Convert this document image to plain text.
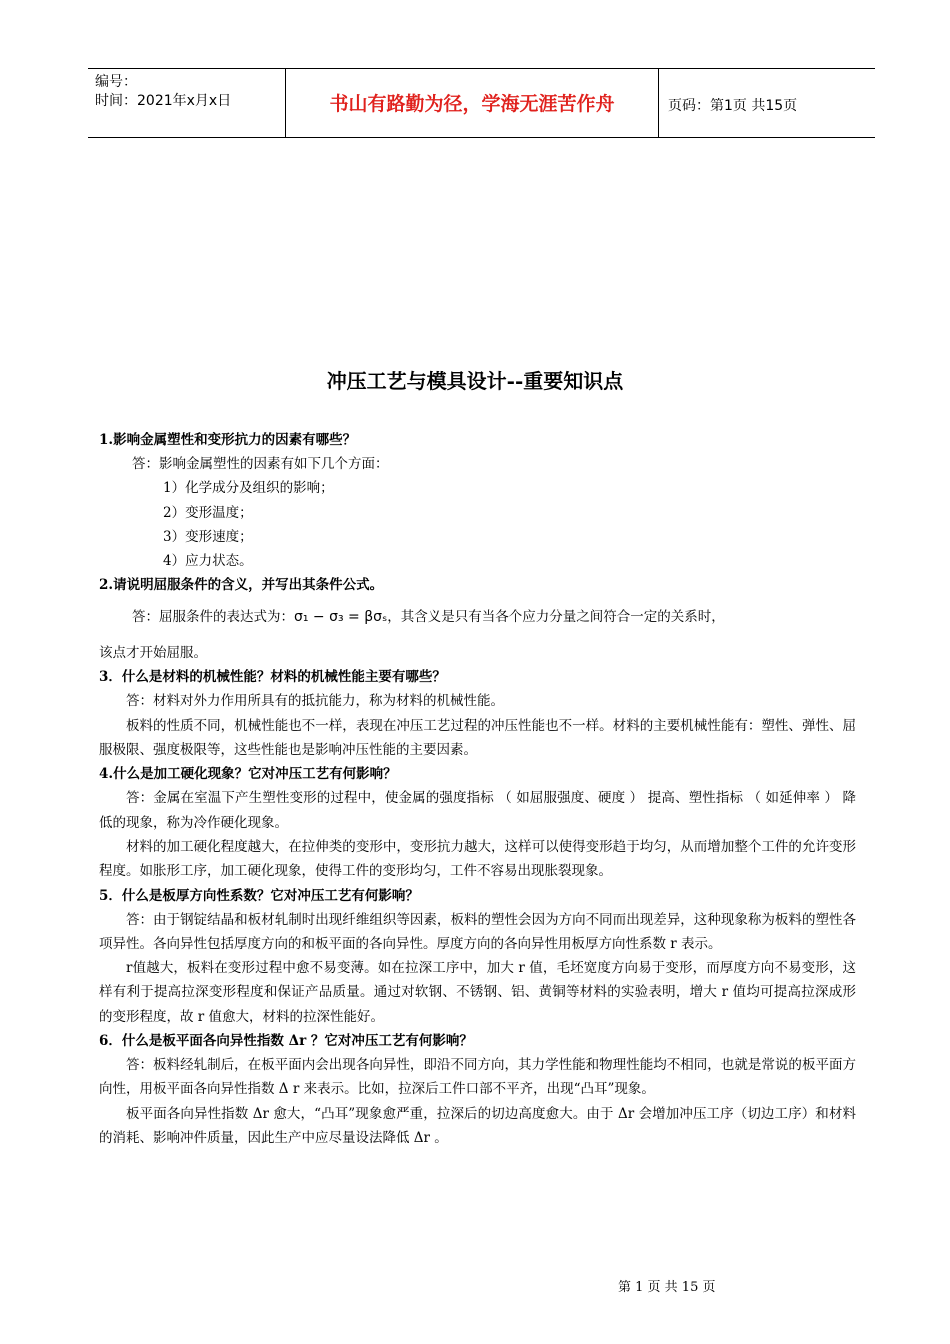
编号：
时间：2021年x月x日	书山有路勤为径，学海无涯苦作舟	页码：第1页 共15页
冲压工艺与模具设计--重要知识点
1.影响金属塑性和变形抗力的因素有哪些？
答：影响金属塑性的因素有如下几个方面：
1）化学成分及组织的影响；
2）变形温度；
3）变形速度；
4）应力状态。
2.请说明屈服条件的含义，并写出其条件公式。
答：屈服条件的表达式为：σ₁ − σ₃ = βσₛ，其含义是只有当各个应力分量之间符合一定的关系时，
该点才开始屈服。
3．什么是材料的机械性能？材料的机械性能主要有哪些？
答：材料对外力作用所具有的抵抗能力，称为材料的机械性能。
板料的性质不同，机械性能也不一样，表现在冲压工艺过程的冲压性能也不一样。材料的主要机械性能有：塑性、弹性、屈服极限、强度极限等，这些性能也是影响冲压性能的主要因素。
4.什么是加工硬化现象？它对冲压工艺有何影响？
答：金属在室温下产生塑性变形的过程中，使金属的强度指标 （ 如屈服强度、硬度 ） 提高、塑性指标 （ 如延伸率 ） 降低的现象，称为冷作硬化现象。
材料的加工硬化程度越大，在拉伸类的变形中，变形抗力越大，这样可以使得变形趋于均匀，从而增加整个工件的允许变形程度。如胀形工序，加工硬化现象，使得工件的变形均匀，工件不容易出现胀裂现象。
5．什么是板厚方向性系数？它对冲压工艺有何影响？
答：由于钢锭结晶和板材轧制时出现纤维组织等因素，板料的塑性会因为方向不同而出现差异，这种现象称为板料的塑性各项异性。各向异性包括厚度方向的和板平面的各向异性。厚度方向的各向异性用板厚方向性系数 r 表示。
r值越大，板料在变形过程中愈不易变薄。如在拉深工序中，加大 r 值，毛坯宽度方向易于变形，而厚度方向不易变形，这样有利于提高拉深变形程度和保证产品质量。通过对软钢、不锈钢、铝、黄铜等材料的实验表明，增大 r 值均可提高拉深成形的变形程度，故 r 值愈大，材料的拉深性能好。
6．什么是板平面各向异性指数 Δr ？它对冲压工艺有何影响？
答：板料经轧制后，在板平面内会出现各向异性，即沿不同方向，其力学性能和物理性能均不相同，也就是常说的板平面方向性，用板平面各向异性指数 Δ r 来表示。比如，拉深后工件口部不平齐，出现“凸耳”现象。
板平面各向异性指数 Δr 愈大，“凸耳”现象愈严重，拉深后的切边高度愈大。由于 Δr 会增加冲压工序（切边工序）和材料的消耗、影响冲件质量，因此生产中应尽量设法降低 Δr 。
第 1 页 共 15 页
